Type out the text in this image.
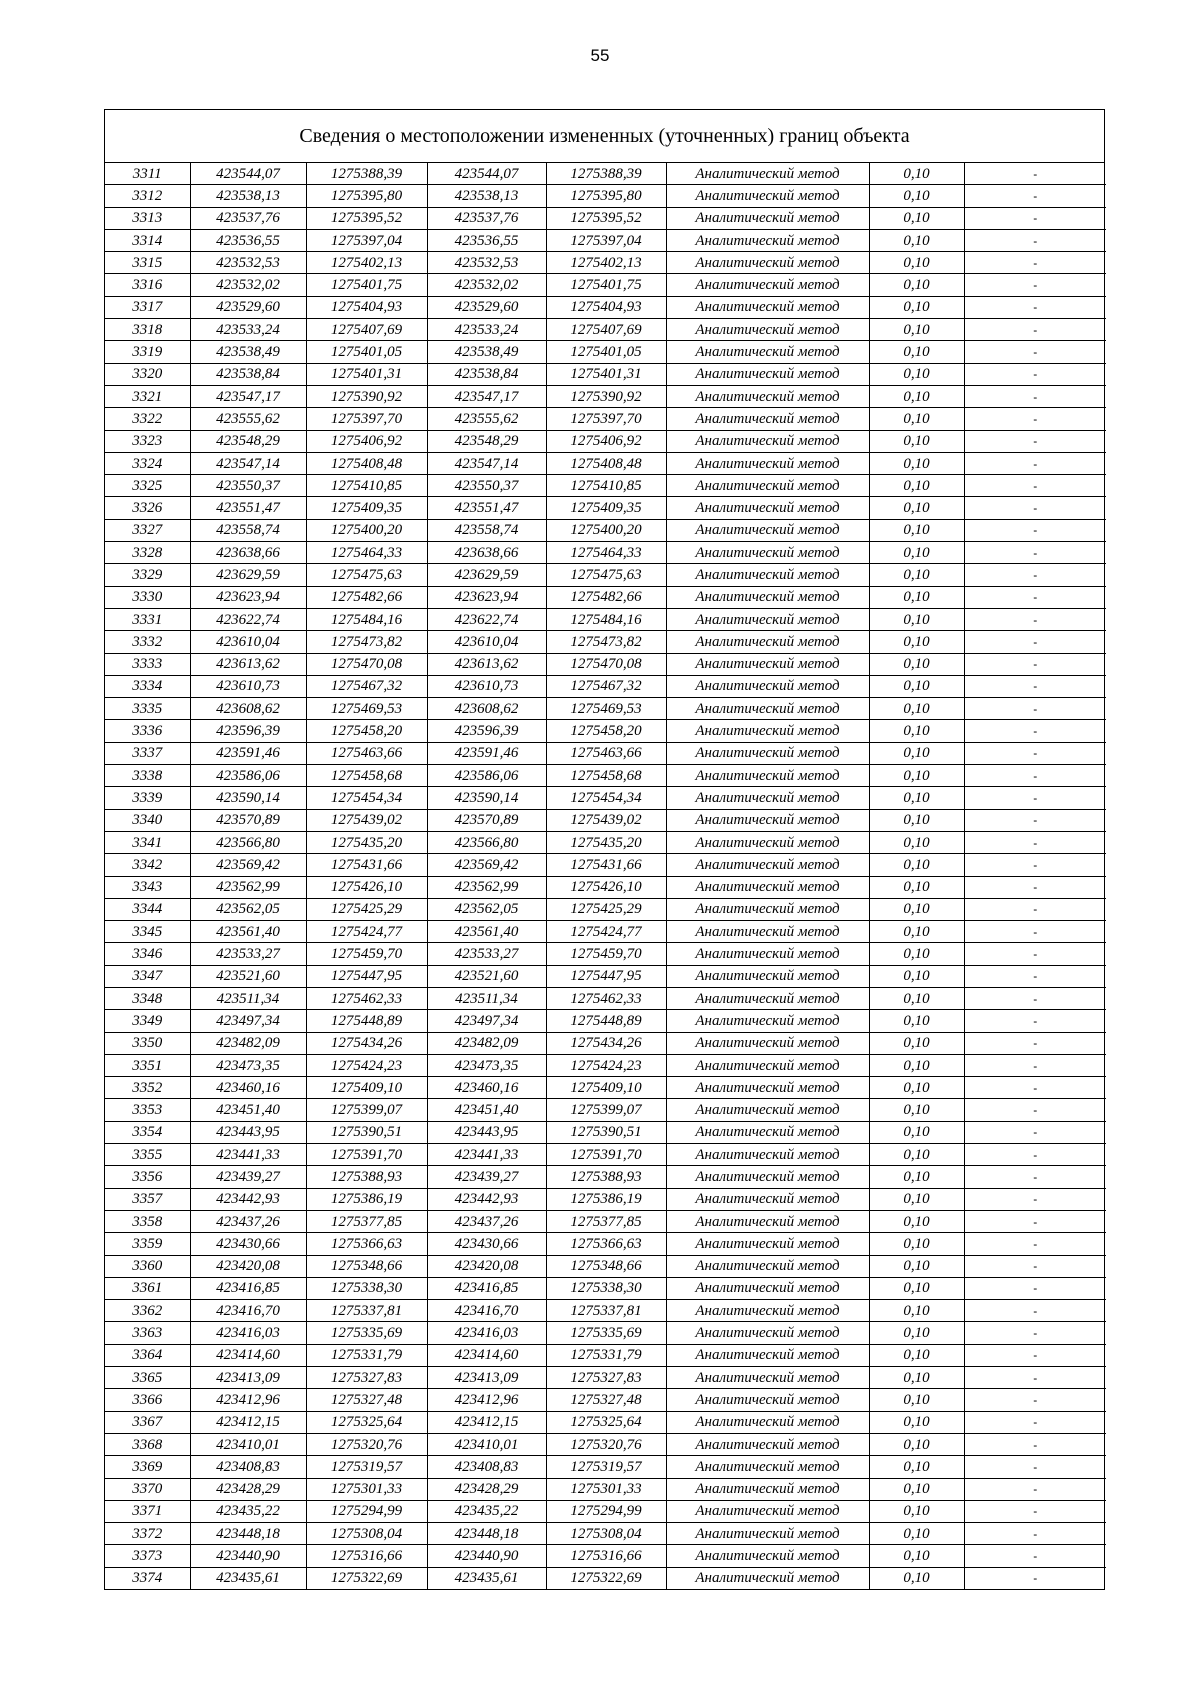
55
Сведения о местоположении измененных (уточненных) границ объекта
3311	423544,07	1275388,39	423544,07	1275388,39	Аналитический метод	0,10	-
3312	423538,13	1275395,80	423538,13	1275395,80	Аналитический метод	0,10	-
3313	423537,76	1275395,52	423537,76	1275395,52	Аналитический метод	0,10	-
3314	423536,55	1275397,04	423536,55	1275397,04	Аналитический метод	0,10	-
3315	423532,53	1275402,13	423532,53	1275402,13	Аналитический метод	0,10	-
3316	423532,02	1275401,75	423532,02	1275401,75	Аналитический метод	0,10	-
3317	423529,60	1275404,93	423529,60	1275404,93	Аналитический метод	0,10	-
3318	423533,24	1275407,69	423533,24	1275407,69	Аналитический метод	0,10	-
3319	423538,49	1275401,05	423538,49	1275401,05	Аналитический метод	0,10	-
3320	423538,84	1275401,31	423538,84	1275401,31	Аналитический метод	0,10	-
3321	423547,17	1275390,92	423547,17	1275390,92	Аналитический метод	0,10	-
3322	423555,62	1275397,70	423555,62	1275397,70	Аналитический метод	0,10	-
3323	423548,29	1275406,92	423548,29	1275406,92	Аналитический метод	0,10	-
3324	423547,14	1275408,48	423547,14	1275408,48	Аналитический метод	0,10	-
3325	423550,37	1275410,85	423550,37	1275410,85	Аналитический метод	0,10	-
3326	423551,47	1275409,35	423551,47	1275409,35	Аналитический метод	0,10	-
3327	423558,74	1275400,20	423558,74	1275400,20	Аналитический метод	0,10	-
3328	423638,66	1275464,33	423638,66	1275464,33	Аналитический метод	0,10	-
3329	423629,59	1275475,63	423629,59	1275475,63	Аналитический метод	0,10	-
3330	423623,94	1275482,66	423623,94	1275482,66	Аналитический метод	0,10	-
3331	423622,74	1275484,16	423622,74	1275484,16	Аналитический метод	0,10	-
3332	423610,04	1275473,82	423610,04	1275473,82	Аналитический метод	0,10	-
3333	423613,62	1275470,08	423613,62	1275470,08	Аналитический метод	0,10	-
3334	423610,73	1275467,32	423610,73	1275467,32	Аналитический метод	0,10	-
3335	423608,62	1275469,53	423608,62	1275469,53	Аналитический метод	0,10	-
3336	423596,39	1275458,20	423596,39	1275458,20	Аналитический метод	0,10	-
3337	423591,46	1275463,66	423591,46	1275463,66	Аналитический метод	0,10	-
3338	423586,06	1275458,68	423586,06	1275458,68	Аналитический метод	0,10	-
3339	423590,14	1275454,34	423590,14	1275454,34	Аналитический метод	0,10	-
3340	423570,89	1275439,02	423570,89	1275439,02	Аналитический метод	0,10	-
3341	423566,80	1275435,20	423566,80	1275435,20	Аналитический метод	0,10	-
3342	423569,42	1275431,66	423569,42	1275431,66	Аналитический метод	0,10	-
3343	423562,99	1275426,10	423562,99	1275426,10	Аналитический метод	0,10	-
3344	423562,05	1275425,29	423562,05	1275425,29	Аналитический метод	0,10	-
3345	423561,40	1275424,77	423561,40	1275424,77	Аналитический метод	0,10	-
3346	423533,27	1275459,70	423533,27	1275459,70	Аналитический метод	0,10	-
3347	423521,60	1275447,95	423521,60	1275447,95	Аналитический метод	0,10	-
3348	423511,34	1275462,33	423511,34	1275462,33	Аналитический метод	0,10	-
3349	423497,34	1275448,89	423497,34	1275448,89	Аналитический метод	0,10	-
3350	423482,09	1275434,26	423482,09	1275434,26	Аналитический метод	0,10	-
3351	423473,35	1275424,23	423473,35	1275424,23	Аналитический метод	0,10	-
3352	423460,16	1275409,10	423460,16	1275409,10	Аналитический метод	0,10	-
3353	423451,40	1275399,07	423451,40	1275399,07	Аналитический метод	0,10	-
3354	423443,95	1275390,51	423443,95	1275390,51	Аналитический метод	0,10	-
3355	423441,33	1275391,70	423441,33	1275391,70	Аналитический метод	0,10	-
3356	423439,27	1275388,93	423439,27	1275388,93	Аналитический метод	0,10	-
3357	423442,93	1275386,19	423442,93	1275386,19	Аналитический метод	0,10	-
3358	423437,26	1275377,85	423437,26	1275377,85	Аналитический метод	0,10	-
3359	423430,66	1275366,63	423430,66	1275366,63	Аналитический метод	0,10	-
3360	423420,08	1275348,66	423420,08	1275348,66	Аналитический метод	0,10	-
3361	423416,85	1275338,30	423416,85	1275338,30	Аналитический метод	0,10	-
3362	423416,70	1275337,81	423416,70	1275337,81	Аналитический метод	0,10	-
3363	423416,03	1275335,69	423416,03	1275335,69	Аналитический метод	0,10	-
3364	423414,60	1275331,79	423414,60	1275331,79	Аналитический метод	0,10	-
3365	423413,09	1275327,83	423413,09	1275327,83	Аналитический метод	0,10	-
3366	423412,96	1275327,48	423412,96	1275327,48	Аналитический метод	0,10	-
3367	423412,15	1275325,64	423412,15	1275325,64	Аналитический метод	0,10	-
3368	423410,01	1275320,76	423410,01	1275320,76	Аналитический метод	0,10	-
3369	423408,83	1275319,57	423408,83	1275319,57	Аналитический метод	0,10	-
3370	423428,29	1275301,33	423428,29	1275301,33	Аналитический метод	0,10	-
3371	423435,22	1275294,99	423435,22	1275294,99	Аналитический метод	0,10	-
3372	423448,18	1275308,04	423448,18	1275308,04	Аналитический метод	0,10	-
3373	423440,90	1275316,66	423440,90	1275316,66	Аналитический метод	0,10	-
3374	423435,61	1275322,69	423435,61	1275322,69	Аналитический метод	0,10	-
